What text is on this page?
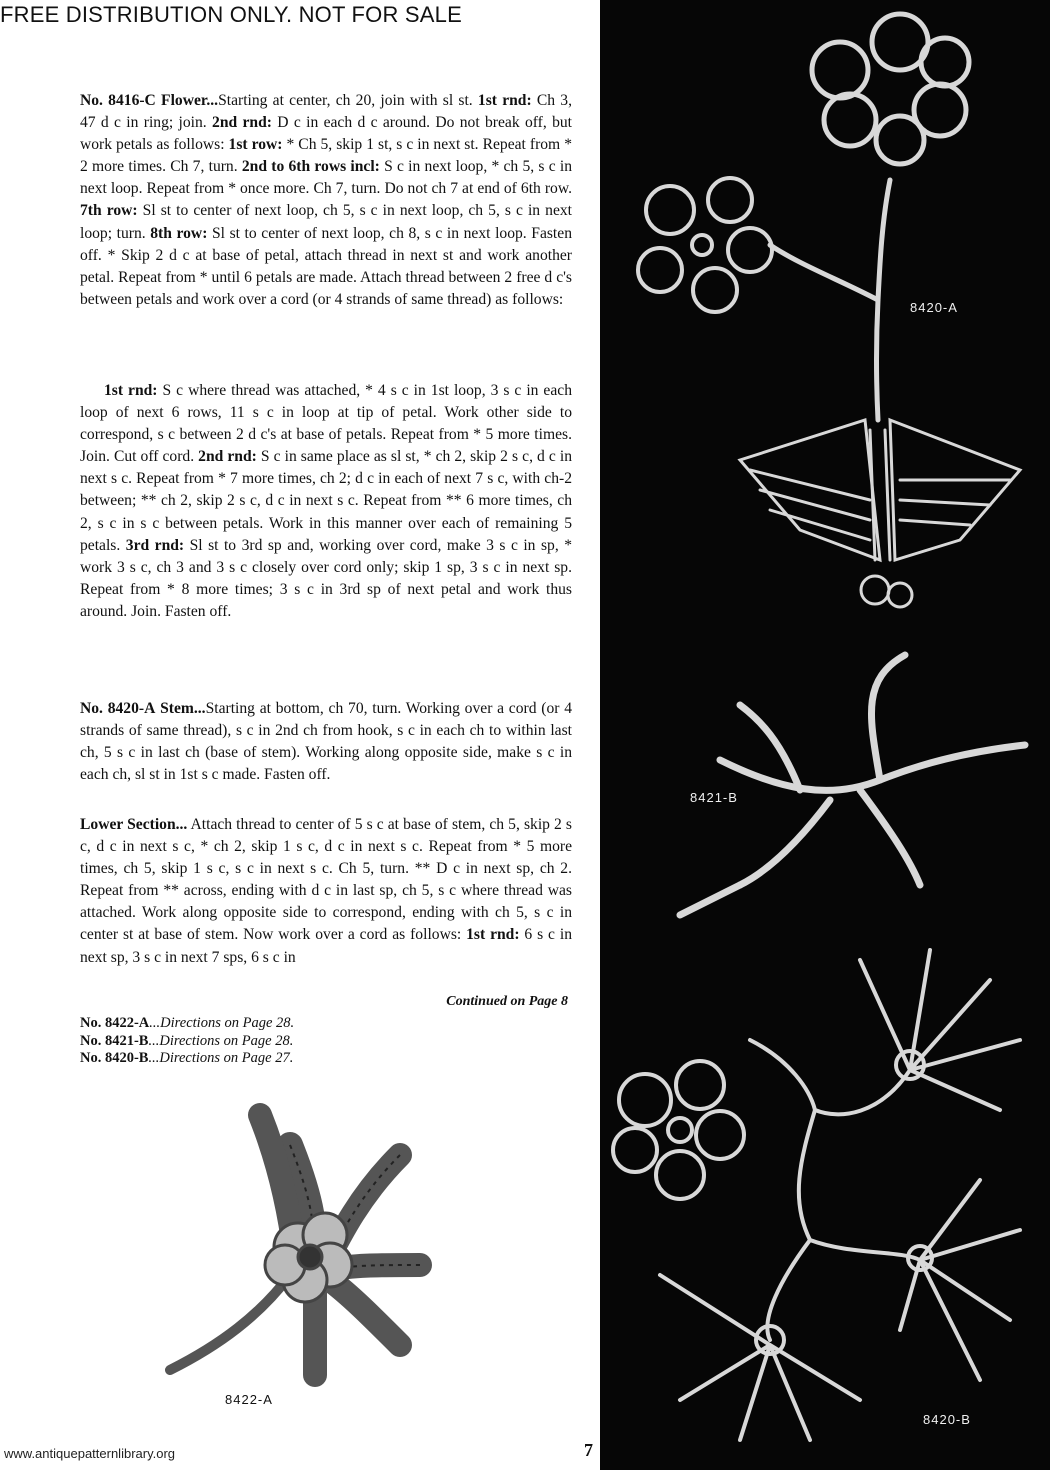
FREE DISTRIBUTION ONLY. NOT FOR SALE

No. 8416-C Flower...Starting at center, ch 20, join with sl st. 1st rnd: Ch 3, 47 d c in ring; join. 2nd rnd: D c in each d c around. Do not break off, but work petals as follows: 1st row: * Ch 5, skip 1 st, s c in next st. Repeat from * 2 more times. Ch 7, turn. 2nd to 6th rows incl: S c in next loop, * ch 5, s c in next loop. Repeat from * once more. Ch 7, turn. Do not ch 7 at end of 6th row. 7th row: Sl st to center of next loop, ch 5, s c in next loop, ch 5, s c in next loop; turn. 8th row: Sl st to center of next loop, ch 8, s c in next loop. Fasten off. * Skip 2 d c at base of petal, attach thread in next st and work another petal. Repeat from * until 6 petals are made. Attach thread between 2 free d c's between petals and work over a cord (or 4 strands of same thread) as follows:

1st rnd: S c where thread was attached, * 4 s c in 1st loop, 3 s c in each loop of next 6 rows, 11 s c in loop at tip of petal. Work other side to correspond, s c between 2 d c's at base of petals. Repeat from * 5 more times. Join. Cut off cord. 2nd rnd: S c in same place as sl st, * ch 2, skip 2 s c, d c in next s c. Repeat from * 7 more times, ch 2; d c in each of next 7 s c, with ch-2 between; ** ch 2, skip 2 s c, d c in next s c. Repeat from ** 6 more times, ch 2, s c in s c between petals. Work in this manner over each of remaining 5 petals. 3rd rnd: Sl st to 3rd sp and, working over cord, make 3 s c in sp, * work 3 s c, ch 3 and 3 s c closely over cord only; skip 1 sp, 3 s c in next sp. Repeat from * 8 more times; 3 s c in 3rd sp of next petal and work thus around. Join. Fasten off.

No. 8420-A Stem...Starting at bottom, ch 70, turn. Working over a cord (or 4 strands of same thread), s c in 2nd ch from hook, s c in each ch to within last ch, 5 s c in last ch (base of stem). Working along opposite side, make s c in each ch, sl st in 1st s c made. Fasten off.

Lower Section... Attach thread to center of 5 s c at base of stem, ch 5, skip 2 s c, d c in next s c, * ch 2, skip 1 s c, d c in next s c. Repeat from * 5 more times, ch 5, skip 1 s c, s c in next s c. Ch 5, turn. ** D c in next sp, ch 2. Repeat from ** across, ending with d c in last sp, ch 5, s c where thread was attached. Work along opposite side to correspond, ending with ch 5, s c in center st at base of stem. Now work over a cord as follows: 1st rnd: 6 s c in next sp, 3 s c in next 7 sps, 6 s c in

Continued on Page 8
No. 8422-A...Directions on Page 28.
No. 8421-B...Directions on Page 28.
No. 8420-B...Directions on Page 27.
8420-A
8421-B
8420-B
8422-A
www.antiquepatternlibrary.org	7
